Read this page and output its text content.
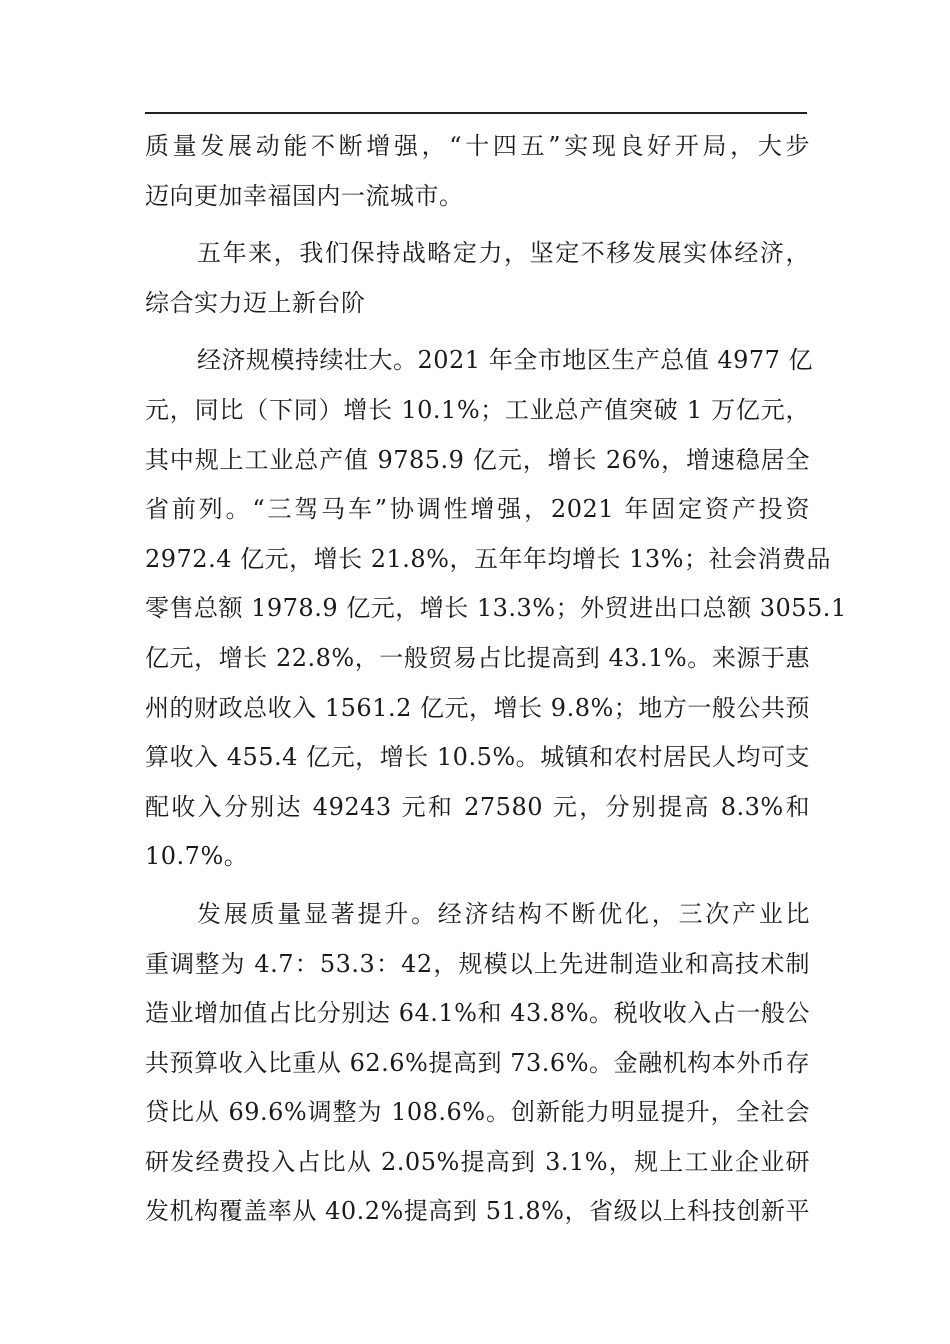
质量发展动能不断增强，“十四五”实现良好开局，大步
迈向更加幸福国内一流城市。
五年来，我们保持战略定力，坚定不移发展实体经济，
综合实力迈上新台阶
经济规模持续壮大。2021 年全市地区生产总值 4977 亿
元，同比（下同）增长 10.1%；工业总产值突破 1 万亿元，
其中规上工业总产值 9785.9 亿元，增长 26%，增速稳居全
省前列。“三驾马车”协调性增强，2021 年固定资产投资
2972.4 亿元，增长 21.8%，五年年均增长 13%；社会消费品
零售总额 1978.9 亿元，增长 13.3%；外贸进出口总额 3055.1
亿元，增长 22.8%，一般贸易占比提高到 43.1%。来源于惠
州的财政总收入 1561.2 亿元，增长 9.8%；地方一般公共预
算收入 455.4 亿元，增长 10.5%。城镇和农村居民人均可支
配收入分别达 49243 元和 27580 元，分别提高 8.3%和
10.7%。
发展质量显著提升。经济结构不断优化，三次产业比
重调整为 4.7：53.3：42，规模以上先进制造业和高技术制
造业增加值占比分别达 64.1%和 43.8%。税收收入占一般公
共预算收入比重从 62.6%提高到 73.6%。金融机构本外币存
贷比从 69.6%调整为 108.6%。创新能力明显提升，全社会
研发经费投入占比从 2.05%提高到 3.1%，规上工业企业研
发机构覆盖率从 40.2%提高到 51.8%，省级以上科技创新平
